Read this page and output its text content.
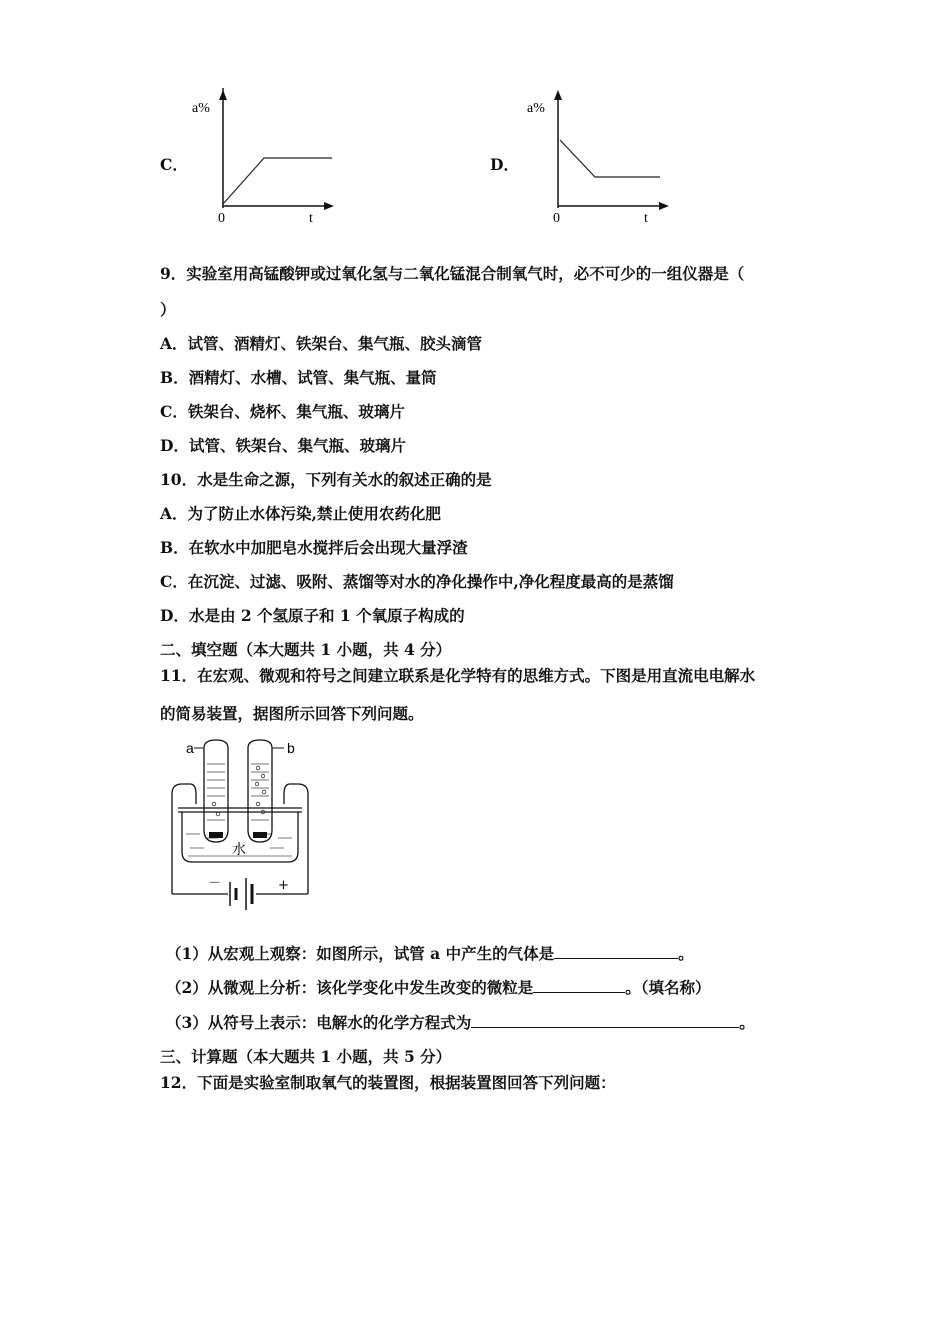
C．
a%
0	t
D．
a%
0	t
9．实验室用高锰酸钾或过氧化氢与二氧化锰混合制氧气时，必不可少的一组仪器是（
）
A．试管、酒精灯、铁架台、集气瓶、胶头滴管
B．酒精灯、水槽、试管、集气瓶、量筒
C．铁架台、烧杯、集气瓶、玻璃片
D．试管、铁架台、集气瓶、玻璃片
10．水是生命之源，下列有关水的叙述正确的是
A．为了防止水体污染,禁止使用农药化肥
B．在软水中加肥皂水搅拌后会出现大量浮渣
C．在沉淀、过滤、吸附、蒸馏等对水的净化操作中,净化程度最高的是蒸馏
D．水是由 2 个氢原子和 1 个氧原子构成的
二、填空题（本大题共 1 小题，共 4 分）
11．在宏观、微观和符号之间建立联系是化学特有的思维方式。下图是用直流电电解水
的简易装置，据图所示回答下列问题。
a	b
水
－	+
（1）从宏观上观察：如图所示，试管 a 中产生的气体是	。
（2）从微观上分析：该化学变化中发生改变的微粒是	。（填名称）
（3）从符号上表示：电解水的化学方程式为	。
三、计算题（本大题共 1 小题，共 5 分）
12．下面是实验室制取氧气的装置图，根据装置图回答下列问题：
